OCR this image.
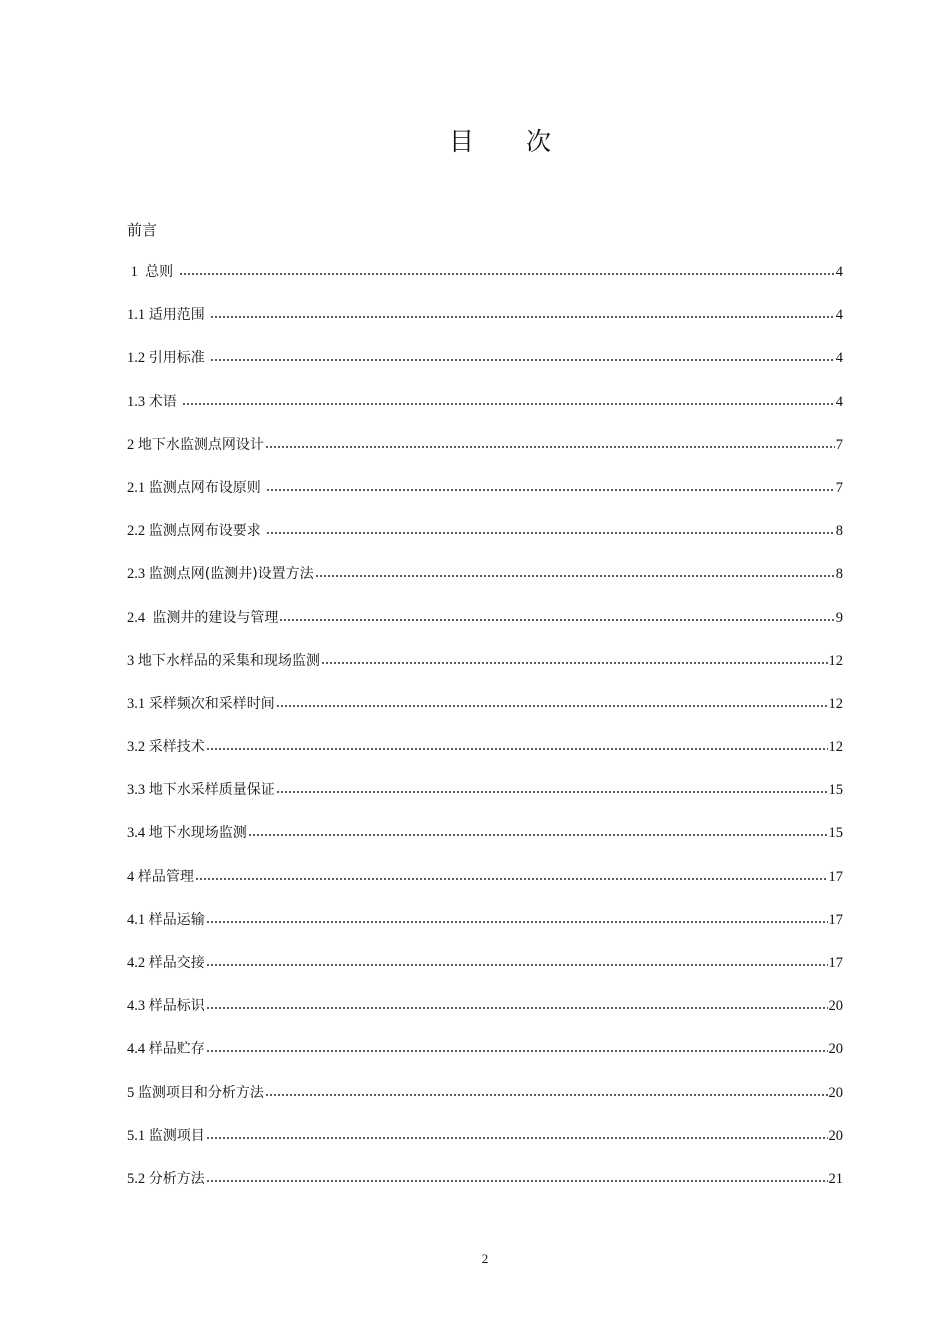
目 次
前言
1 总则	4
1.1 适用范围	4
1.2 引用标准	4
1.3 术语	4
2 地下水监测点网设计	7
2.1 监测点网布设原则	7
2.2 监测点网布设要求	8
2.3 监测点网(监测井)设置方法	8
2.4 监测井的建设与管理	9
3 地下水样品的采集和现场监测	12
3.1 采样频次和采样时间	12
3.2 采样技术	12
3.3 地下水采样质量保证	15
3.4 地下水现场监测	15
4 样品管理	17
4.1 样品运输	17
4.2 样品交接	17
4.3 样品标识	20
4.4 样品贮存	20
5 监测项目和分析方法	20
5.1 监测项目	20
5.2 分析方法	21
2
